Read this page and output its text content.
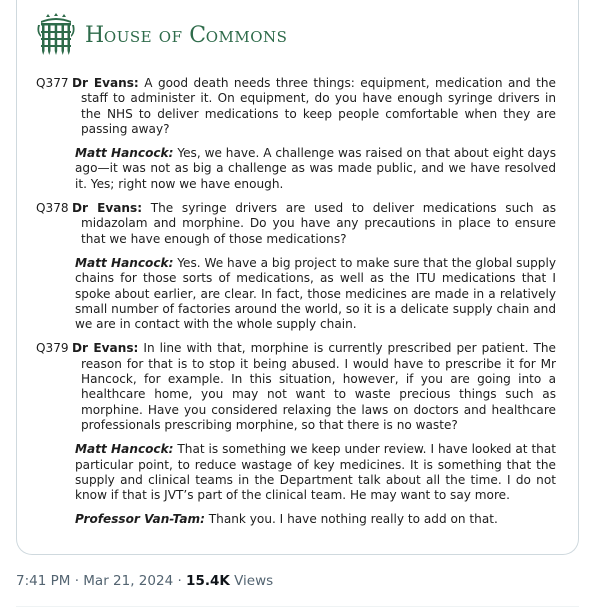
HOUSE OF COMMONS
Q377 Dr Evans: A good death needs three things: equipment, medication and the staff to administer it. On equipment, do you have enough syringe drivers in the NHS to deliver medications to keep people comfortable when they are passing away?
Matt Hancock: Yes, we have. A challenge was raised on that about eight days ago—it was not as big a challenge as was made public, and we have resolved it. Yes; right now we have enough.
Q378 Dr Evans: The syringe drivers are used to deliver medications such as midazolam and morphine. Do you have any precautions in place to ensure that we have enough of those medications?
Matt Hancock: Yes. We have a big project to make sure that the global supply chains for those sorts of medications, as well as the ITU medications that I spoke about earlier, are clear. In fact, those medicines are made in a relatively small number of factories around the world, so it is a delicate supply chain and we are in contact with the whole supply chain.
Q379 Dr Evans: In line with that, morphine is currently prescribed per patient. The reason for that is to stop it being abused. I would have to prescribe it for Mr Hancock, for example. In this situation, however, if you are going into a healthcare home, you may not want to waste precious things such as morphine. Have you considered relaxing the laws on doctors and healthcare professionals prescribing morphine, so that there is no waste?
Matt Hancock: That is something we keep under review. I have looked at that particular point, to reduce wastage of key medicines. It is something that the supply and clinical teams in the Department talk about all the time. I do not know if that is JVT’s part of the clinical team. He may want to say more.
Professor Van-Tam: Thank you. I have nothing really to add on that.
7:41 PM · Mar 21, 2024 · 15.4K Views
